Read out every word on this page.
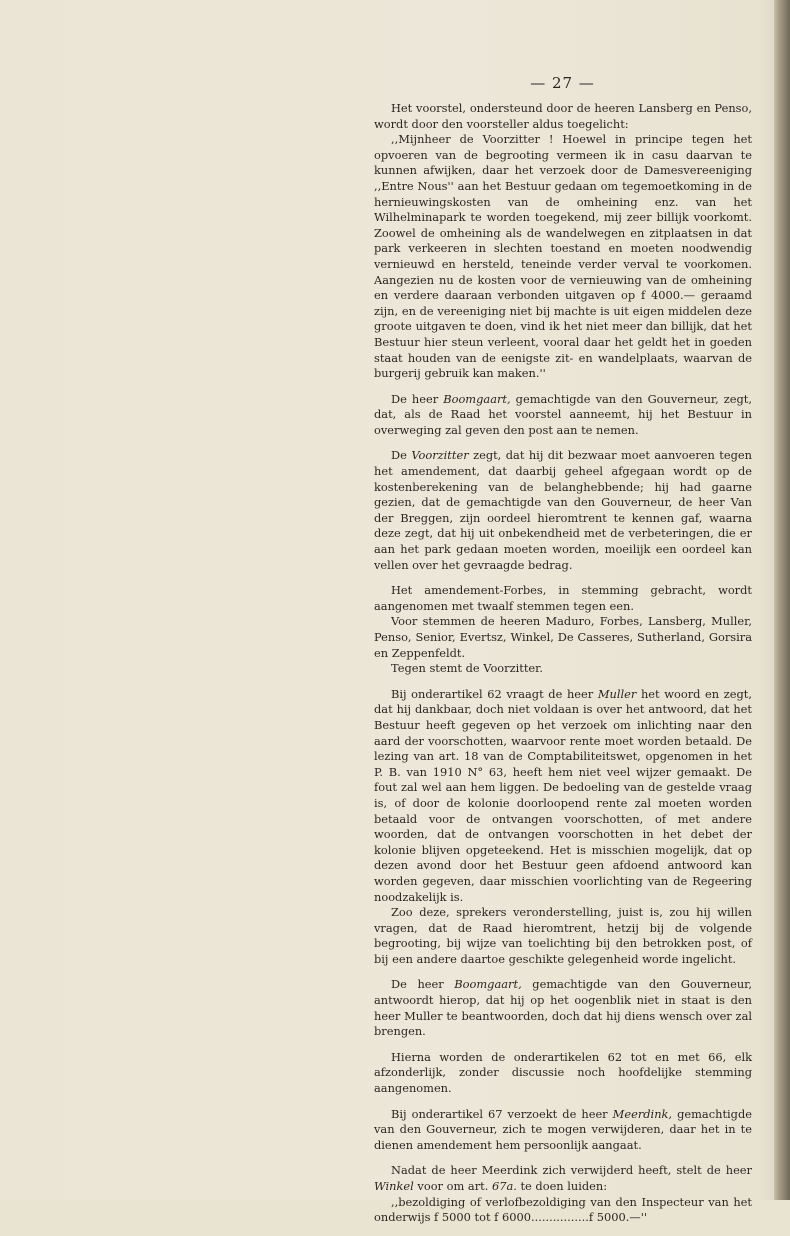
— 27 —

Het voorstel, ondersteund door de heeren Lansberg en Penso, wordt door den voorsteller aldus toegelicht:

,,Mijnheer de Voorzitter ! Hoewel in principe tegen het opvoeren van de begrooting vermeen ik in casu daarvan te kunnen afwijken, daar het verzoek door de Damesvereeniging ,,Entre Nous'' aan het Bestuur gedaan om tegemoetkoming in de hernieuwingskosten van de omheining enz. van het Wilhelminapark te worden toegekend, mij zeer billijk voorkomt. Zoowel de omheining als de wandelwegen en zitplaatsen in dat park verkeeren in slechten toestand en moeten noodwendig vernieuwd en hersteld, teneinde verder verval te voorkomen. Aangezien nu de kosten voor de vernieuwing van de omheining en verdere daaraan verbonden uitgaven op f 4000.— geraamd zijn, en de vereeniging niet bij machte is uit eigen middelen deze groote uitgaven te doen, vind ik het niet meer dan billijk, dat het Bestuur hier steun verleent, vooral daar het geldt het in goeden staat houden van de eenigste zit- en wandelplaats, waarvan de burgerij gebruik kan maken.''

De heer Boomgaart, gemachtigde van den Gouverneur, zegt, dat, als de Raad het voorstel aanneemt, hij het Bestuur in overweging zal geven den post aan te nemen.

De Voorzitter zegt, dat hij dit bezwaar moet aanvoeren tegen het amendement, dat daarbij geheel afgegaan wordt op de kostenberekening van de belanghebbende; hij had gaarne gezien, dat de gemachtigde van den Gouverneur, de heer Van der Breggen, zijn oordeel hieromtrent te kennen gaf, waarna deze zegt, dat hij uit onbekendheid met de verbeteringen, die er aan het park gedaan moeten worden, moeilijk een oordeel kan vellen over het gevraagde bedrag.

Het amendement-Forbes, in stemming gebracht, wordt aangenomen met twaalf stemmen tegen een.

Voor stemmen de heeren Maduro, Forbes, Lansberg, Muller, Penso, Senior, Evertsz, Winkel, De Casseres, Sutherland, Gorsira en Zeppenfeldt.

Tegen stemt de Voorzitter.

Bij onderartikel 62 vraagt de heer Muller het woord en zegt, dat hij dankbaar, doch niet voldaan is over het antwoord, dat het Bestuur heeft gegeven op het verzoek om inlichting naar den aard der voorschotten, waarvoor rente moet worden betaald. De lezing van art. 18 van de Comptabiliteitswet, opgenomen in het P. B. van 1910 N° 63, heeft hem niet veel wijzer gemaakt. De fout zal wel aan hem liggen. De bedoeling van de gestelde vraag is, of door de kolonie doorloopend rente zal moeten worden betaald voor de ontvangen voorschotten, of met andere woorden, dat de ontvangen voorschotten in het debet der kolonie blijven opgeteekend. Het is misschien mogelijk, dat op dezen avond door het Bestuur geen afdoend antwoord kan worden gegeven, daar misschien voorlichting van de Regeering noodzakelijk is.

Zoo deze, sprekers veronderstelling, juist is, zou hij willen vragen, dat de Raad hieromtrent, hetzij bij de volgende begrooting, bij wijze van toelichting bij den betrokken post, of bij een andere daartoe geschikte gelegenheid worde ingelicht.

De heer Boomgaart, gemachtigde van den Gouverneur, antwoordt hierop, dat hij op het oogenblik niet in staat is den heer Muller te beantwoorden, doch dat hij diens wensch over zal brengen.

Hierna worden de onderartikelen 62 tot en met 66, elk afzonderlijk, zonder discussie noch hoofdelijke stemming aangenomen.

Bij onderartikel 67 verzoekt de heer Meerdink, gemachtigde van den Gouverneur, zich te mogen verwijderen, daar het in te dienen amendement hem persoonlijk aangaat.

Nadat de heer Meerdink zich verwijderd heeft, stelt de heer Winkel voor om art. 67a. te doen luiden:

,,bezoldiging of verlofbezoldiging van den Inspecteur van het onderwijs f 5000 tot f 6000................f 5000.—''
